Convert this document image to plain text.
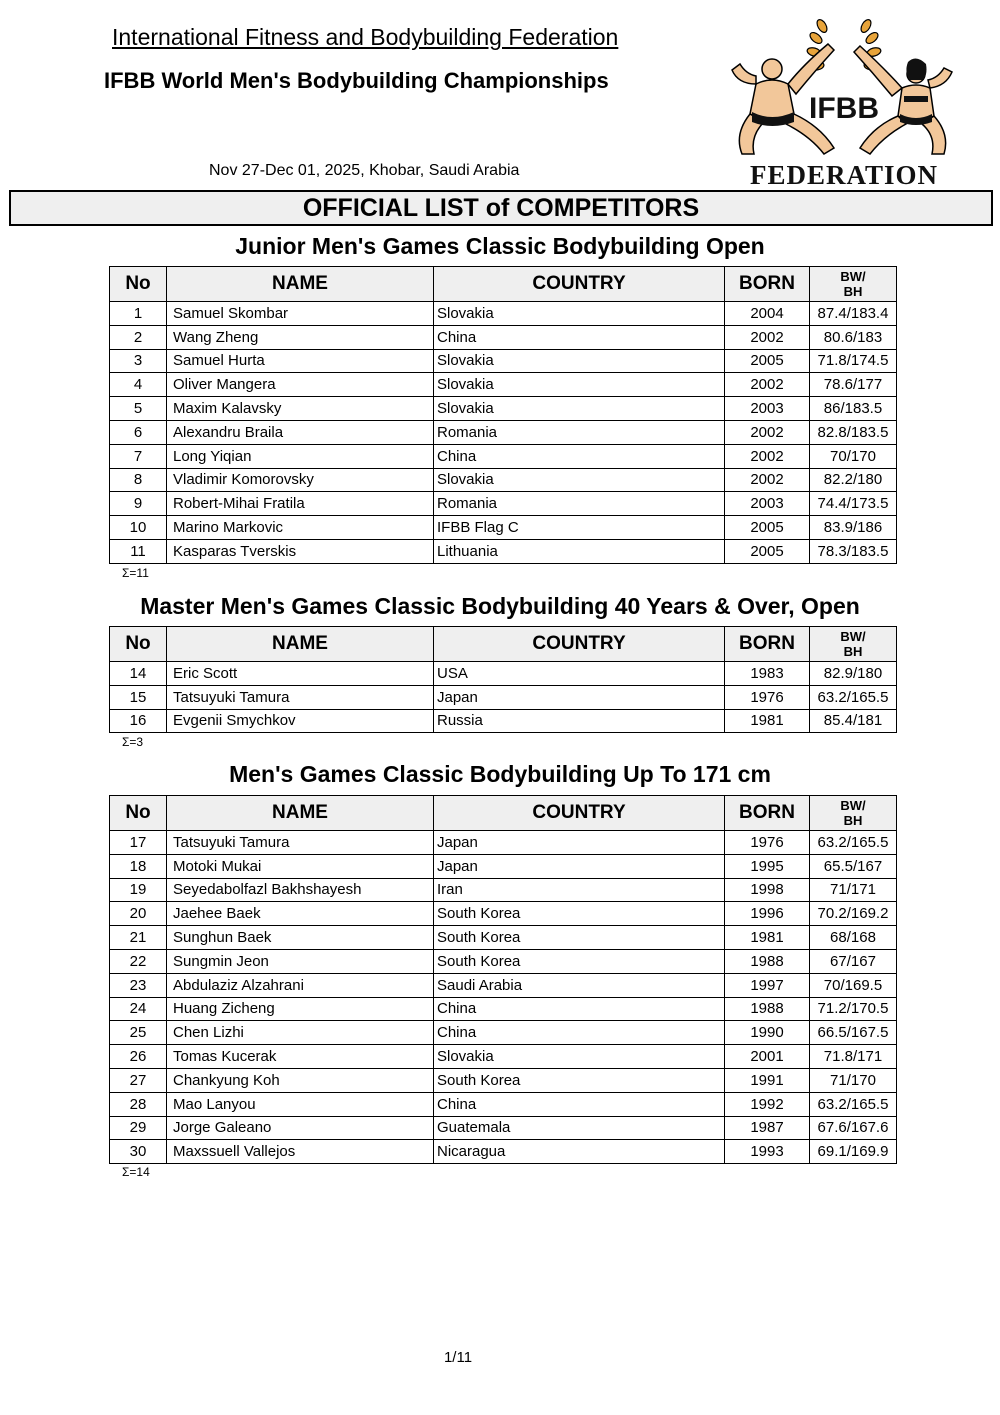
International Fitness and Bodybuilding Federation
IFBB World Men's Bodybuilding Championships
Nov 27-Dec 01, 2025, Khobar, Saudi Arabia
IFBB
FEDERATION
OFFICIAL LIST of COMPETITORS
Junior Men's Games Classic Bodybuilding Open
No	NAME	COUNTRY	BORN	BW/
BH

1	Samuel Skombar	Slovakia	2004	87.4/183.4
2	Wang Zheng	China	2002	80.6/183
3	Samuel Hurta	Slovakia	2005	71.8/174.5
4	Oliver Mangera	Slovakia	2002	78.6/177
5	Maxim Kalavsky	Slovakia	2003	86/183.5
6	Alexandru Braila	Romania	2002	82.8/183.5
7	Long Yiqian	China	2002	70/170
8	Vladimir Komorovsky	Slovakia	2002	82.2/180
9	Robert-Mihai Fratila	Romania	2003	74.4/173.5
10	Marino Markovic	IFBB Flag C	2005	83.9/186
11	Kasparas Tverskis	Lithuania	2005	78.3/183.5
Σ=11
Master Men's Games Classic Bodybuilding 40 Years & Over, Open
No	NAME	COUNTRY	BORN	BW/
BH

14	Eric Scott	USA	1983	82.9/180
15	Tatsuyuki Tamura	Japan	1976	63.2/165.5
16	Evgenii Smychkov	Russia	1981	85.4/181
Σ=3
Men's Games Classic Bodybuilding Up To 171 cm
No	NAME	COUNTRY	BORN	BW/
BH

17	Tatsuyuki Tamura	Japan	1976	63.2/165.5
18	Motoki Mukai	Japan	1995	65.5/167
19	Seyedabolfazl Bakhshayesh	Iran	1998	71/171
20	Jaehee Baek	South Korea	1996	70.2/169.2
21	Sunghun Baek	South Korea	1981	68/168
22	Sungmin Jeon	South Korea	1988	67/167
23	Abdulaziz Alzahrani	Saudi Arabia	1997	70/169.5
24	Huang Zicheng	China	1988	71.2/170.5
25	Chen Lizhi	China	1990	66.5/167.5
26	Tomas Kucerak	Slovakia	2001	71.8/171
27	Chankyung Koh	South Korea	1991	71/170
28	Mao Lanyou	China	1992	63.2/165.5
29	Jorge Galeano	Guatemala	1987	67.6/167.6
30	Maxssuell Vallejos	Nicaragua	1993	69.1/169.9
Σ=14
1/11
